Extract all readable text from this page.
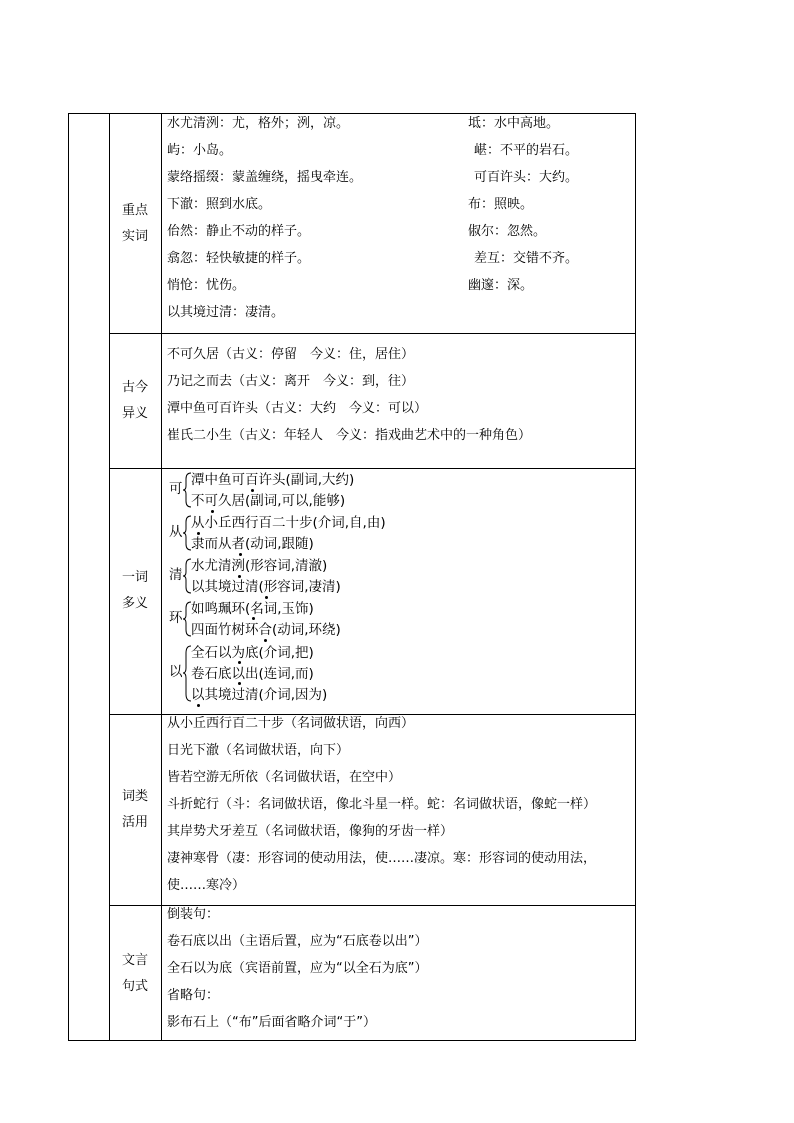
重点
实词
水尤清洌：尤，格外；洌，凉。
屿：小岛。
蒙络摇缀：蒙盖缠绕，摇曳牵连。
下澈：照到水底。
佁然：静止不动的样子。
翕忽：轻快敏捷的样子。
悄怆：忧伤。
以其境过清：凄清。
坻：水中高地。
嵁：不平的岩石。
可百许头：大约。
布：照映。
俶尔：忽然。
差互：交错不齐。
幽邃：深。
古今
异义
不可久居（古义：停留　今义：住，居住）
乃记之而去（古义：离开　今义：到，往）
潭中鱼可百许头（古义：大约　今义：可以）
崔氏二小生（古义：年轻人　今义：指戏曲艺术中的一种角色）
一词
多义
可
潭中鱼可百许头(副词,大约)
不可久居(副词,可以,能够)
从
从小丘西行百二十步(介词,自,由)
隶而从者(动词,跟随)
清
水尤清洌(形容词,清澈)
以其境过清(形容词,凄清)
环
如鸣珮环(名词,玉饰)
四面竹树环合(动词,环绕)
以
全石以为底(介词,把)
卷石底以出(连词,而)
以其境过清(介词,因为)
词类
活用
从小丘西行百二十步（名词做状语，向西）
日光下澈（名词做状语，向下）
皆若空游无所依（名词做状语，在空中）
斗折蛇行（斗：名词做状语，像北斗星一样。蛇：名词做状语，像蛇一样）
其岸势犬牙差互（名词做状语，像狗的牙齿一样）
凄神寒骨（凄：形容词的使动用法，使……凄凉。寒：形容词的使动用法，
使……寒冷）
文言
句式
倒装句：
卷石底以出（主语后置，应为“石底卷以出”）
全石以为底（宾语前置，应为“以全石为底”）
省略句：
影布石上（“布”后面省略介词“于”）
